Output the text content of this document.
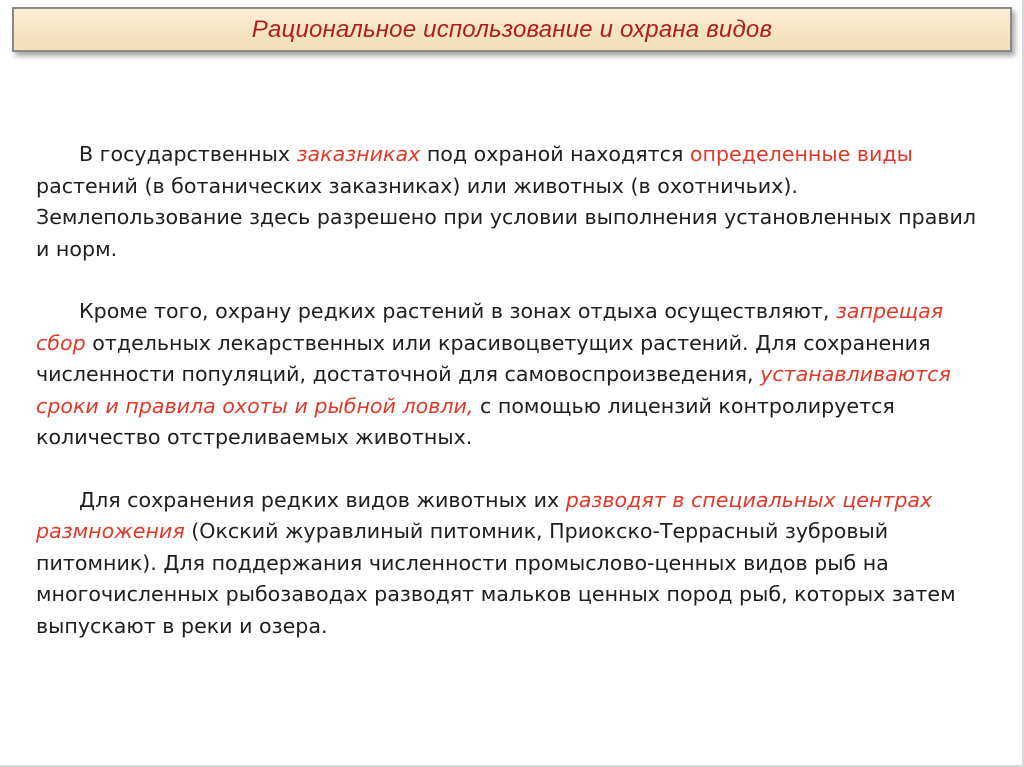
Рациональное использование и охрана видов

В государственных заказниках под охраной находятся определенные виды растений (в ботанических заказниках) или животных (в охотничьих). Землепользование здесь разрешено при условии выполнения установленных правил и норм.

Кроме того, охрану редких растений в зонах отдыха осуществляют, запрещая сбор отдельных лекарственных или красивоцветущих растений. Для сохранения численности популяций, достаточной для самовоспроизведения, устанавливаются сроки и правила охоты и рыбной ловли, с помощью лицензий контролируется количество отстреливаемых животных.

Для сохранения редких видов животных их разводят в специальных центрах размножения (Окский журавлиный питомник, Приокско-Террасный зубровый питомник). Для поддержания численности промыслово-ценных видов рыб на многочисленных рыбозаводах разводят мальков ценных пород рыб, которых затем выпускают в реки и озера.
